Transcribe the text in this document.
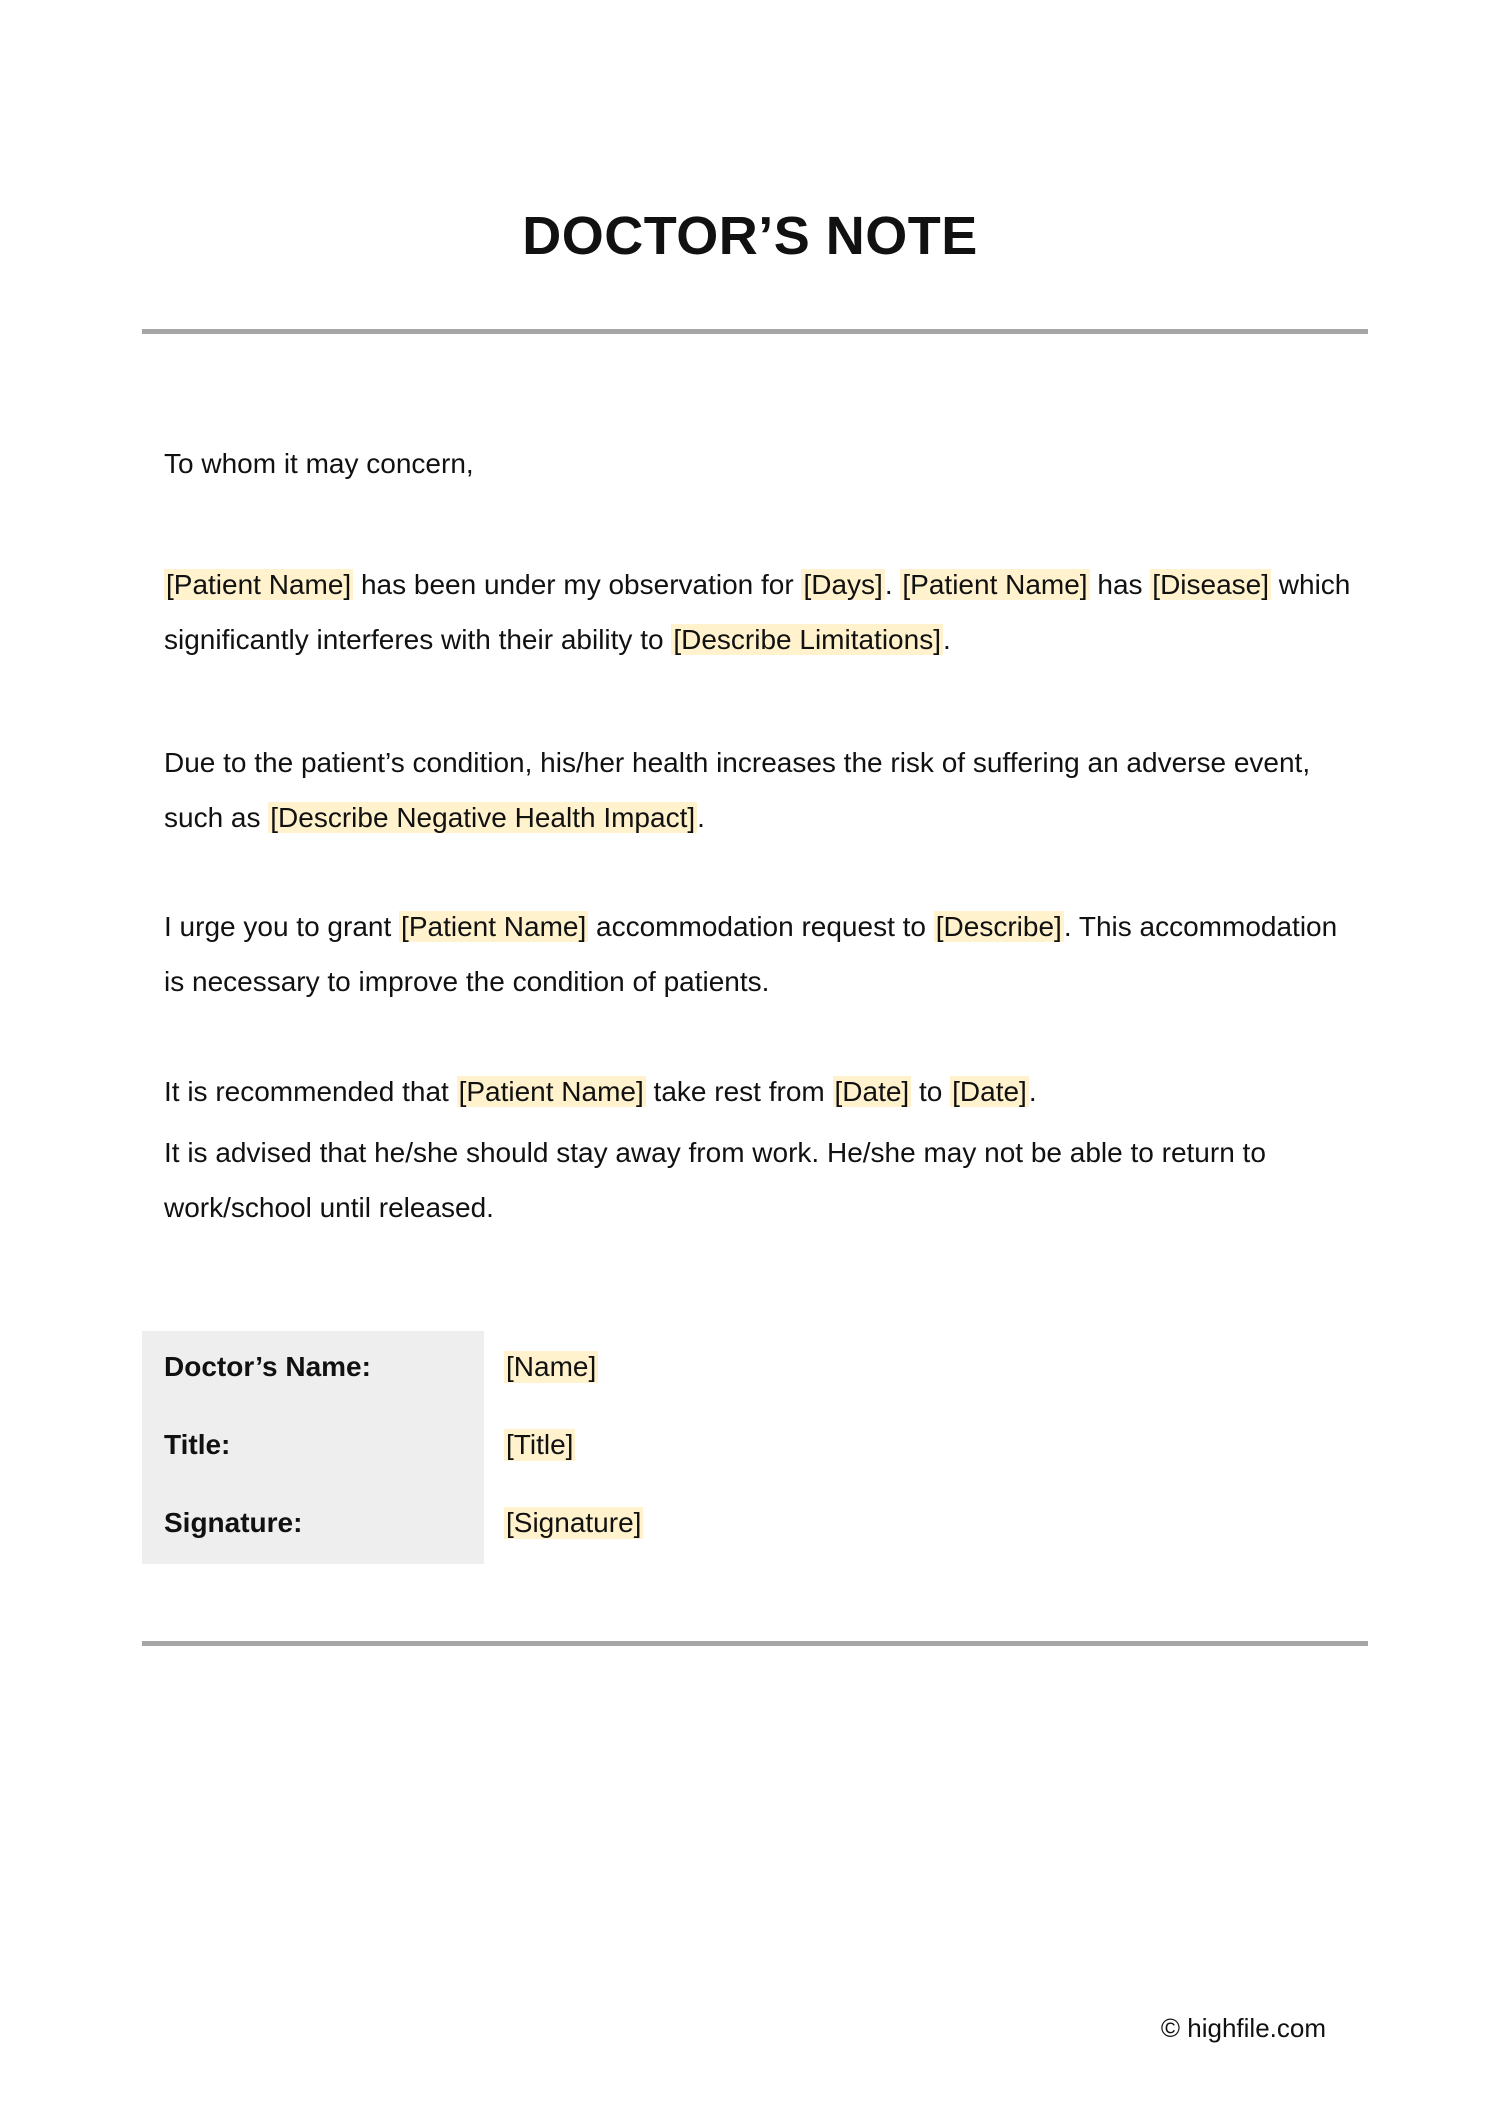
DOCTOR’S NOTE

To whom it may concern,

[Patient Name] has been under my observation for [Days]. [Patient Name] has [Disease] which significantly interferes with their ability to [Describe Limitations].

Due to the patient’s condition, his/her health increases the risk of suffering an adverse event, such as [Describe Negative Health Impact].

I urge you to grant [Patient Name] accommodation request to [Describe]. This accommodation is necessary to improve the condition of patients.

It is recommended that [Patient Name] take rest from [Date] to [Date].
It is advised that he/she should stay away from work. He/she may not be able to return to work/school until released.
Doctor’s Name:	[Name]
Title:	[Title]
Signature:	[Signature]
© highfile.com
